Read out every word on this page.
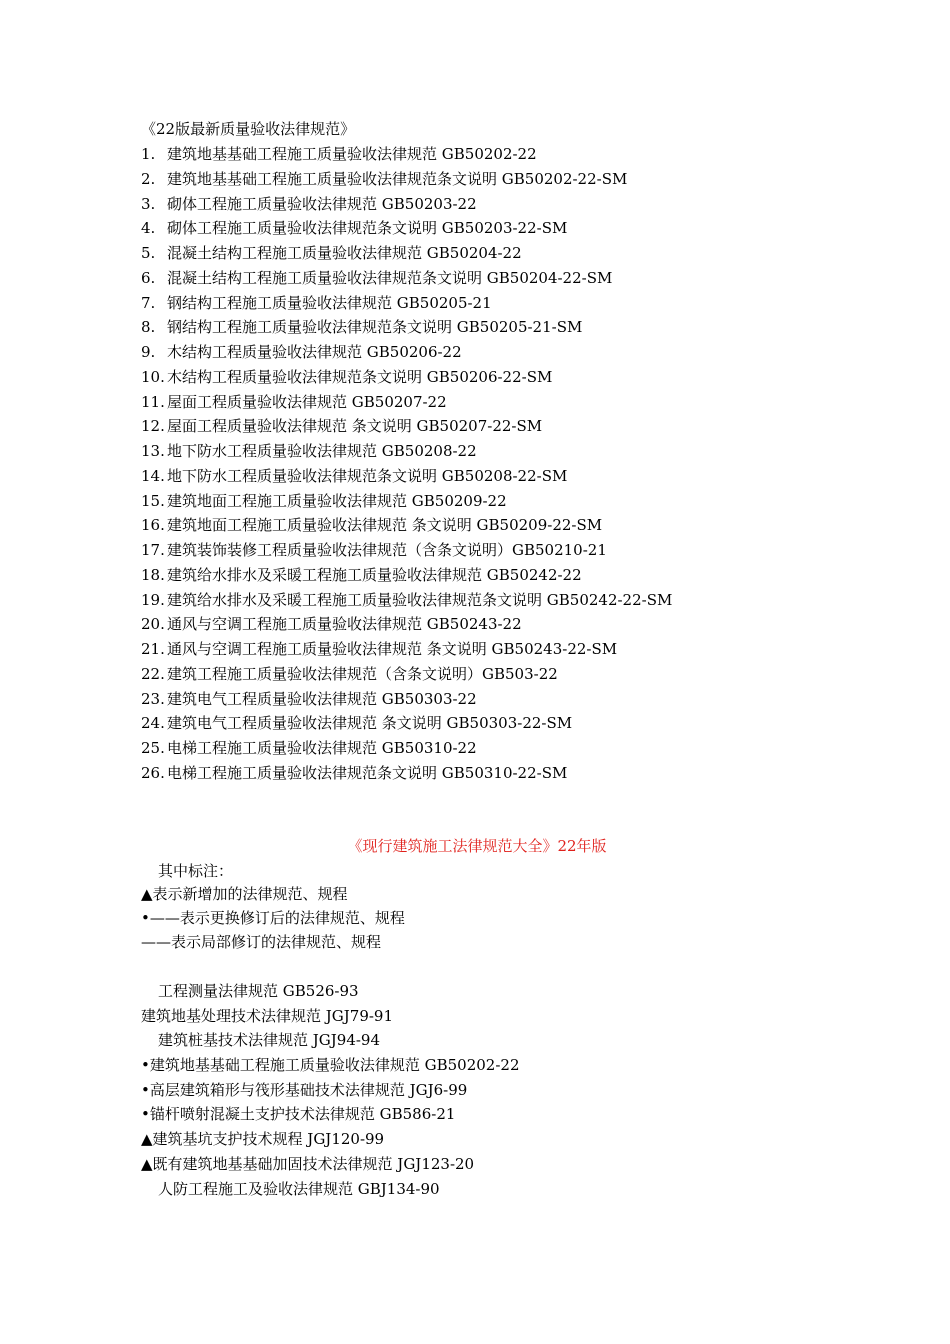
《22版最新质量验收法律规范》
1. 建筑地基基础工程施工质量验收法律规范 GB50202-22
2. 建筑地基基础工程施工质量验收法律规范条文说明 GB50202-22-SM
3. 砌体工程施工质量验收法律规范 GB50203-22
4. 砌体工程施工质量验收法律规范条文说明 GB50203-22-SM
5. 混凝土结构工程施工质量验收法律规范 GB50204-22
6. 混凝土结构工程施工质量验收法律规范条文说明 GB50204-22-SM
7. 钢结构工程施工质量验收法律规范 GB50205-21
8. 钢结构工程施工质量验收法律规范条文说明 GB50205-21-SM
9. 木结构工程质量验收法律规范 GB50206-22
10. 木结构工程质量验收法律规范条文说明 GB50206-22-SM
11. 屋面工程质量验收法律规范 GB50207-22
12. 屋面工程质量验收法律规范 条文说明 GB50207-22-SM
13. 地下防水工程质量验收法律规范 GB50208-22
14. 地下防水工程质量验收法律规范条文说明 GB50208-22-SM
15. 建筑地面工程施工质量验收法律规范 GB50209-22
16. 建筑地面工程施工质量验收法律规范 条文说明 GB50209-22-SM
17. 建筑装饰装修工程质量验收法律规范（含条文说明）GB50210-21
18. 建筑给水排水及采暖工程施工质量验收法律规范 GB50242-22
19. 建筑给水排水及采暖工程施工质量验收法律规范条文说明 GB50242-22-SM
20. 通风与空调工程施工质量验收法律规范 GB50243-22
21. 通风与空调工程施工质量验收法律规范 条文说明 GB50243-22-SM
22. 建筑工程施工质量验收法律规范（含条文说明）GB503-22
23. 建筑电气工程质量验收法律规范 GB50303-22
24. 建筑电气工程质量验收法律规范 条文说明 GB50303-22-SM
25. 电梯工程施工质量验收法律规范 GB50310-22
26. 电梯工程施工质量验收法律规范条文说明 GB50310-22-SM
《现行建筑施工法律规范大全》22年版
其中标注：
▲表示新增加的法律规范、规程
•——表示更换修订后的法律规范、规程
——表示局部修订的法律规范、规程
工程测量法律规范 GB526-93
建筑地基处理技术法律规范 JGJ79-91
建筑桩基技术法律规范 JGJ94-94
•建筑地基基础工程施工质量验收法律规范 GB50202-22
•高层建筑箱形与筏形基础技术法律规范 JGJ6-99
•锚杆喷射混凝土支护技术法律规范 GB586-21
▲建筑基坑支护技术规程 JGJ120-99
▲既有建筑地基基础加固技术法律规范 JGJ123-20
人防工程施工及验收法律规范 GBJ134-90
